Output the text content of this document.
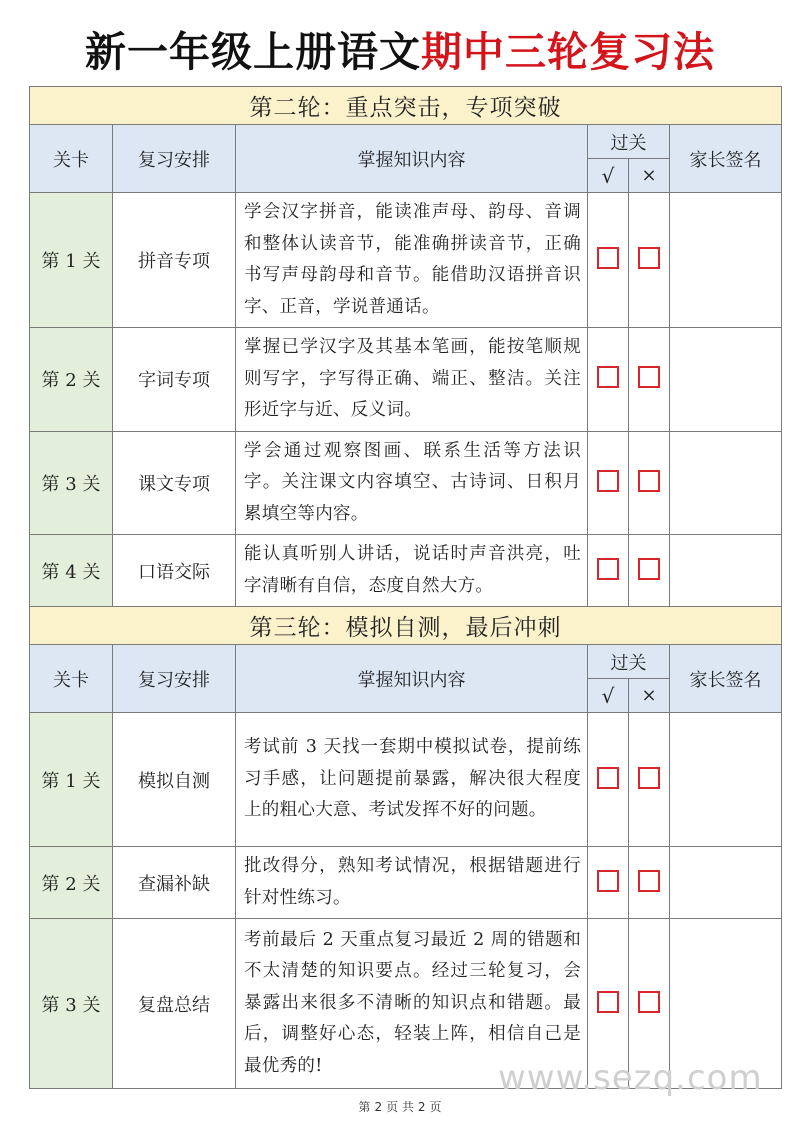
新一年级上册语文期中三轮复习法
第二轮：重点突击，专项突破					
关卡	复习安排	掌握知识内容	过关		家长签名
			√	×	
第 1 关	拼音专项	学会汉字拼音，能读准声母、韵母、音调和整体认读音节，能准确拼读音节，正确书写声母韵母和音节。能借助汉语拼音识字、正音，学说普通话。			
第 2 关	字词专项	掌握已学汉字及其基本笔画，能按笔顺规则写字，字写得正确、端正、整洁。关注形近字与近、反义词。			
第 3 关	课文专项	学会通过观察图画、联系生活等方法识字。关注课文内容填空、古诗词、日积月累填空等内容。			
第 4 关	口语交际	能认真听别人讲话，说话时声音洪亮，吐字清晰有自信，态度自然大方。			
第三轮：模拟自测，最后冲刺					
关卡	复习安排	掌握知识内容	过关		家长签名
			√	×	
第 1 关	模拟自测	考试前 3 天找一套期中模拟试卷，提前练习手感，让问题提前暴露，解决很大程度上的粗心大意、考试发挥不好的问题。			
第 2 关	查漏补缺	批改得分，熟知考试情况，根据错题进行针对性练习。			
第 3 关	复盘总结	考前最后 2 天重点复习最近 2 周的错题和不太清楚的知识要点。经过三轮复习，会暴露出来很多不清晰的知识点和错题。最后，调整好心态，轻装上阵，相信自己是最优秀的!				www.sezq.com
第 2 页 共 2 页
